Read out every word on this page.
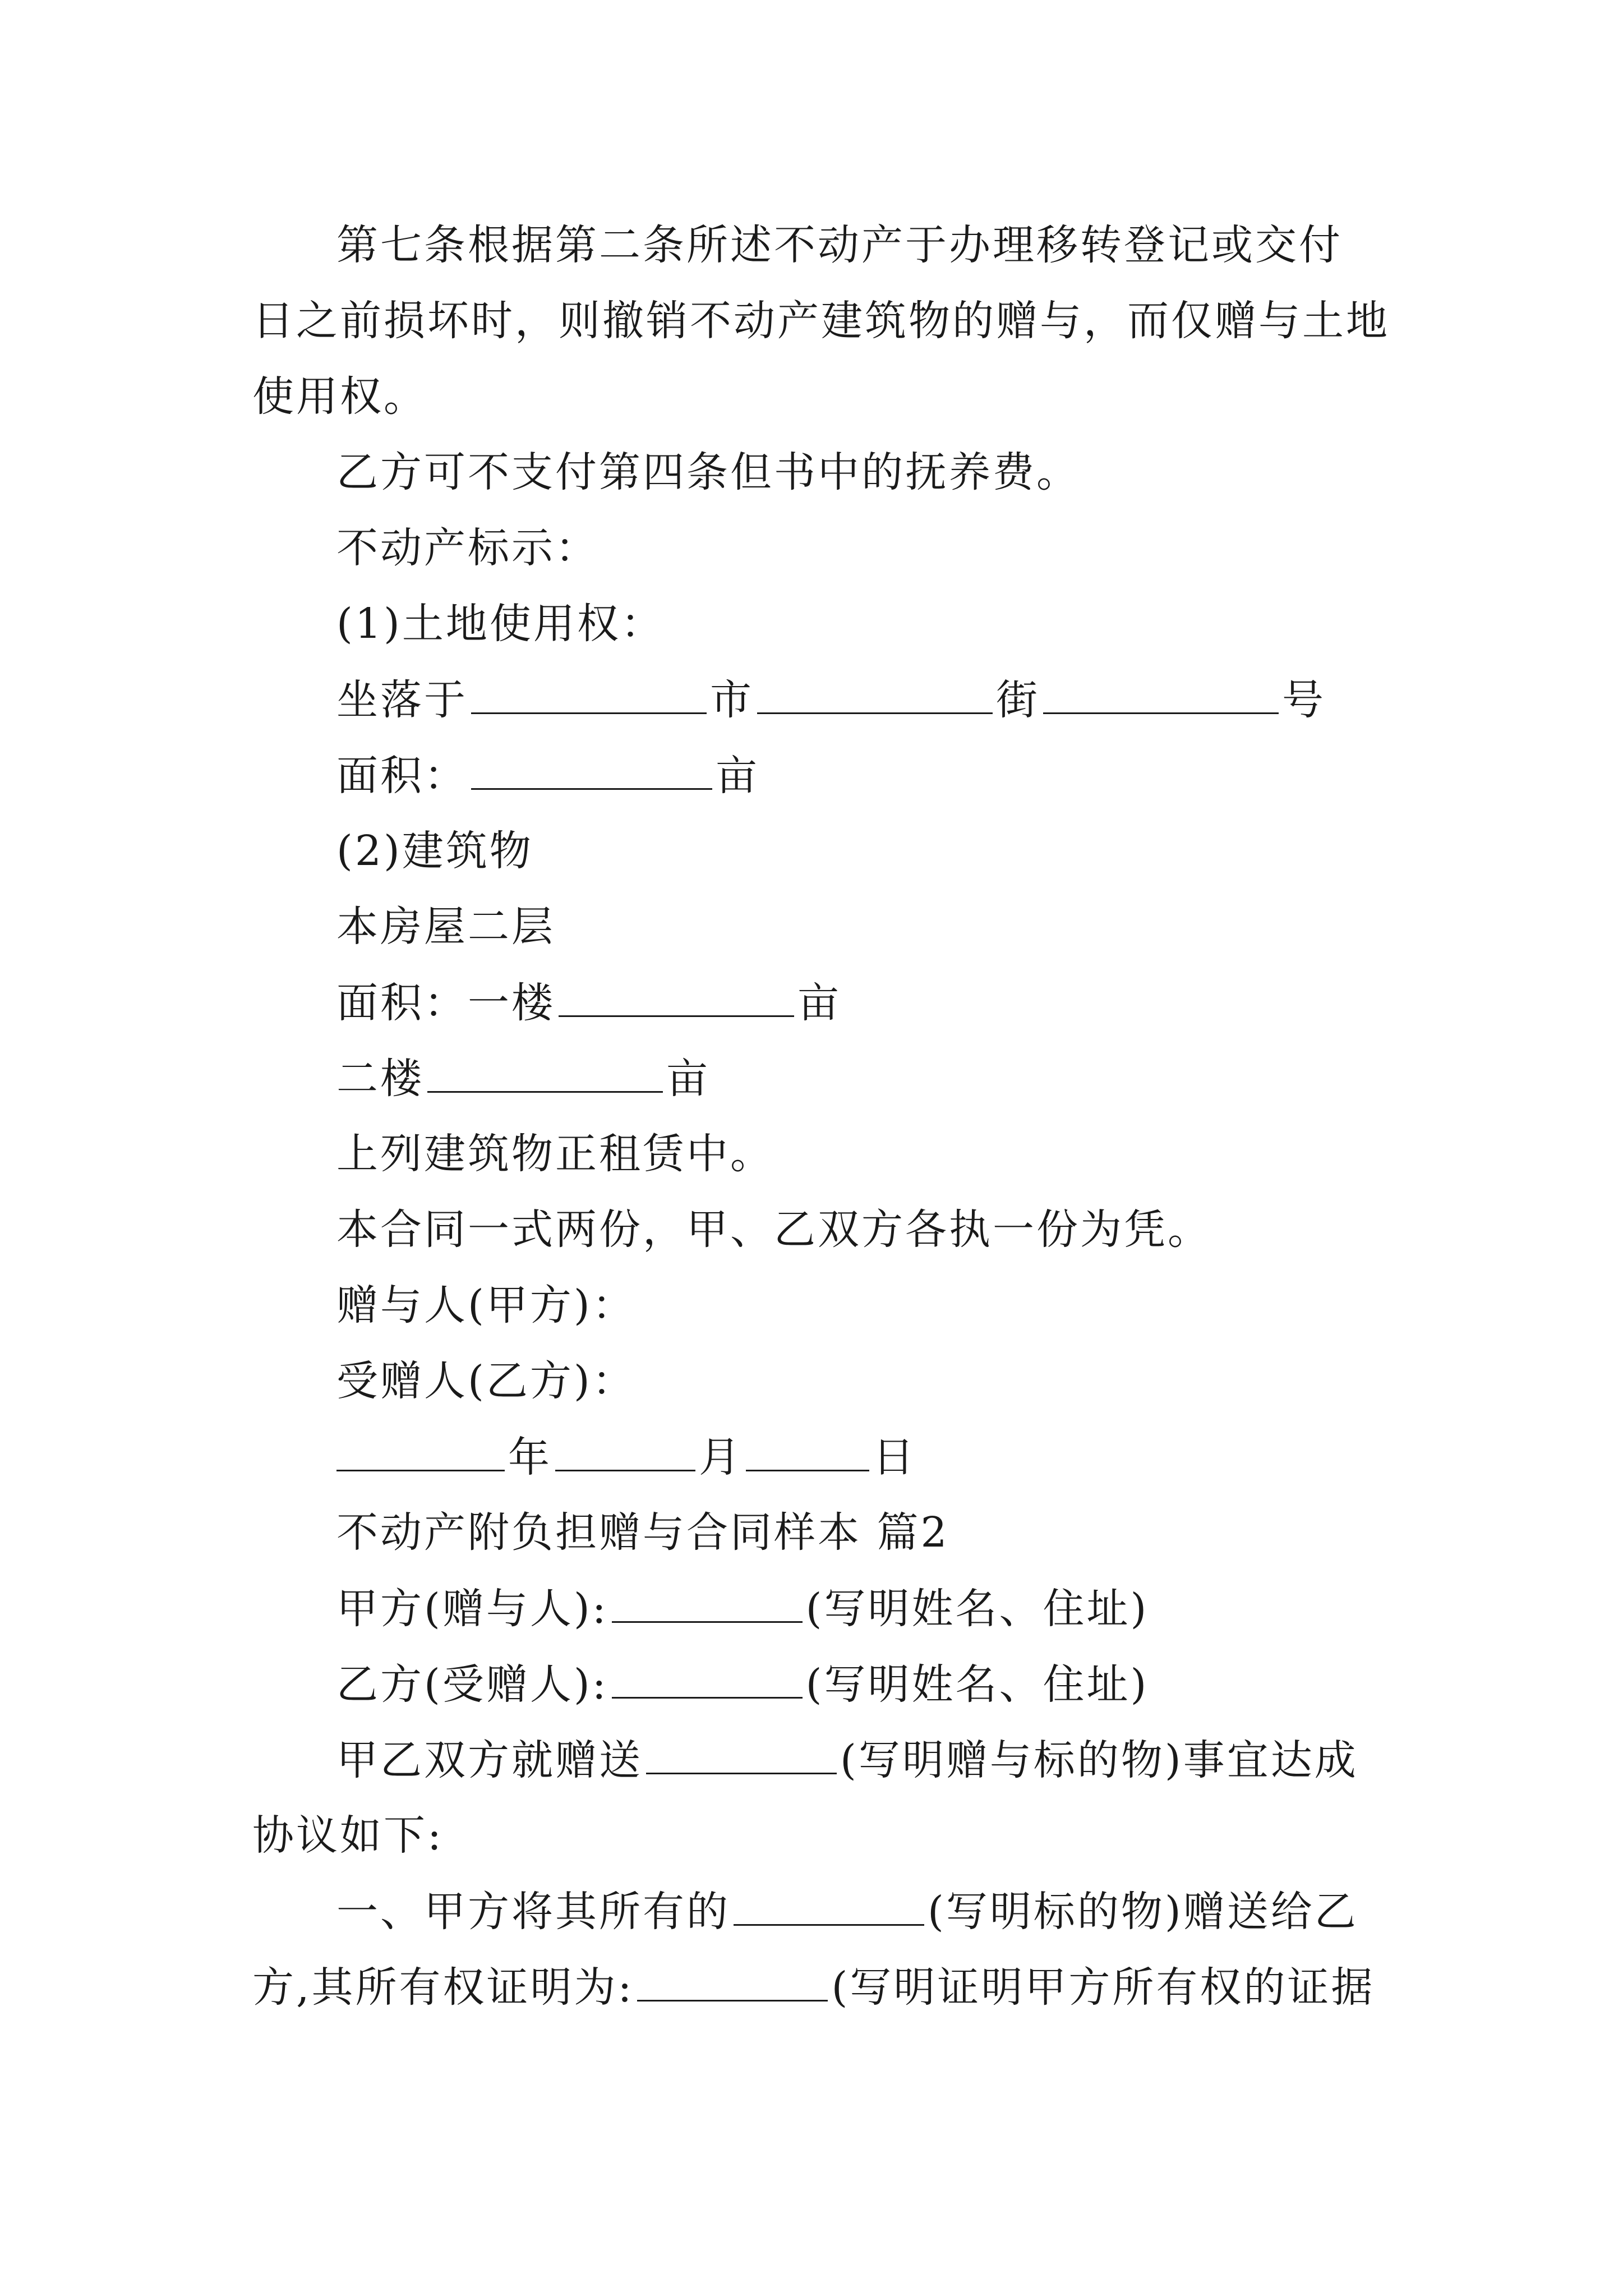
第七条根据第二条所述不动产于办理移转登记或交付
日之前损坏时，则撤销不动产建筑物的赠与，而仅赠与土地
使用权。
乙方可不支付第四条但书中的抚养费。
不动产标示：
(1)土地使用权：
坐落于	市	街	号
面积：	亩
(2)建筑物
本房屋二层
面积：一楼	亩
二楼	亩
上列建筑物正租赁中。
本合同一式两份，甲、乙双方各执一份为凭。
赠与人(甲方)：
受赠人(乙方)：
年	月	日
不动产附负担赠与合同样本 篇2
甲方(赠与人):	(写明姓名、住址)
乙方(受赠人):	(写明姓名、住址)
甲乙双方就赠送	(写明赠与标的物)事宜达成
协议如下:
一、甲方将其所有的	(写明标的物)赠送给乙
方,其所有权证明为:	(写明证明甲方所有权的证据
